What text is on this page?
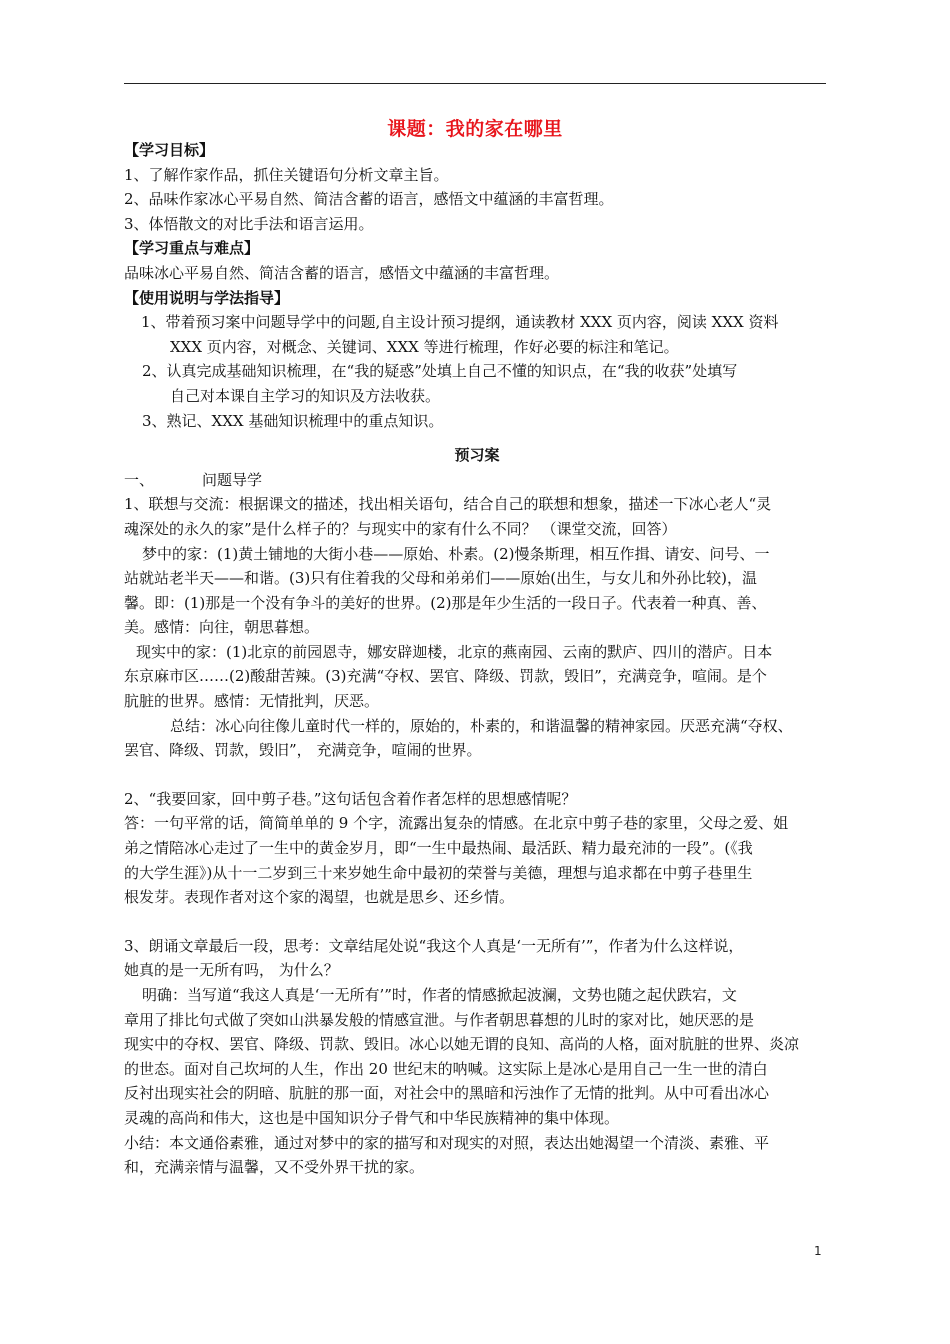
课题：我的家在哪里
【学习目标】
1、了解作家作品，抓住关键语句分析文章主旨。
2、品味作家冰心平易自然、简洁含蓄的语言，感悟文中蕴涵的丰富哲理。
3、体悟散文的对比手法和语言运用。
【学习重点与难点】
品味冰心平易自然、简洁含蓄的语言，感悟文中蕴涵的丰富哲理。
【使用说明与学法指导】
1、带着预习案中问题导学中的问题,自主设计预习提纲，通读教材 XXX 页内容，阅读 XXX 资料
XXX 页内容，对概念、关键词、XXX 等进行梳理，作好必要的标注和笔记。
2、认真完成基础知识梳理，在“我的疑惑”处填上自己不懂的知识点，在“我的收获”处填写
自己对本课自主学习的知识及方法收获。
3、熟记、XXX 基础知识梳理中的重点知识。
预习案
一、	问题导学
1、联想与交流：根据课文的描述，找出相关语句，结合自己的联想和想象，描述一下冰心老人“灵
魂深处的永久的家”是什么样子的？与现实中的家有什么不同？ （课堂交流，回答）
梦中的家：(1)黄土铺地的大街小巷——原始、朴素。(2)慢条斯理，相互作揖、请安、问号、一
站就站老半天——和谐。(3)只有住着我的父母和弟弟们——原始(出生，与女儿和外孙比较)，温
馨。即：(1)那是一个没有争斗的美好的世界。(2)那是年少生活的一段日子。代表着一种真、善、
美。感情：向往，朝思暮想。
现实中的家：(1)北京的前园恩寺，娜安辟迦楼，北京的燕南园、云南的默庐、四川的潜庐。日本
东京麻市区……(2)酸甜苦辣。(3)充满“夺权、罢官、降级、罚款，毁旧”，充满竞争，喧闹。是个
肮脏的世界。感情：无情批判，厌恶。
总结：冰心向往像儿童时代一样的，原始的，朴素的，和谐温馨的精神家园。厌恶充满“夺权、
罢官、降级、罚款，毁旧”， 充满竞争，喧闹的世界。
2、“我要回家，回中剪子巷。”这句话包含着作者怎样的思想感情呢？
答：一句平常的话，简简单单的 9 个字，流露出复杂的情感。在北京中剪子巷的家里，父母之爱、姐
弟之情陪冰心走过了一生中的黄金岁月，即“一生中最热闹、最活跃、精力最充沛的一段”。(《我
的大学生涯》)从十一二岁到三十来岁她生命中最初的荣誉与美德，理想与追求都在中剪子巷里生
根发芽。表现作者对这个家的渴望，也就是思乡、还乡情。
3、朗诵文章最后一段，思考：文章结尾处说“我这个人真是‘一无所有’”，作者为什么这样说，
她真的是一无所有吗， 为什么？
明确：当写道“我这人真是‘一无所有’”时，作者的情感掀起波澜，文势也随之起伏跌宕，文
章用了排比句式做了突如山洪暴发般的情感宣泄。与作者朝思暮想的儿时的家对比，她厌恶的是
现实中的夺权、罢官、降级、罚款、毁旧。冰心以她无谓的良知、高尚的人格，面对肮脏的世界、炎凉
的世态。面对自己坎坷的人生，作出 20 世纪末的呐喊。这实际上是冰心是用自己一生一世的清白
反衬出现实社会的阴暗、肮脏的那一面，对社会中的黑暗和污浊作了无情的批判。从中可看出冰心
灵魂的高尚和伟大，这也是中国知识分子骨气和中华民族精神的集中体现。
小结：本文通俗素雅，通过对梦中的家的描写和对现实的对照，表达出她渴望一个清淡、素雅、平
和，充满亲情与温馨，又不受外界干扰的家。
1
